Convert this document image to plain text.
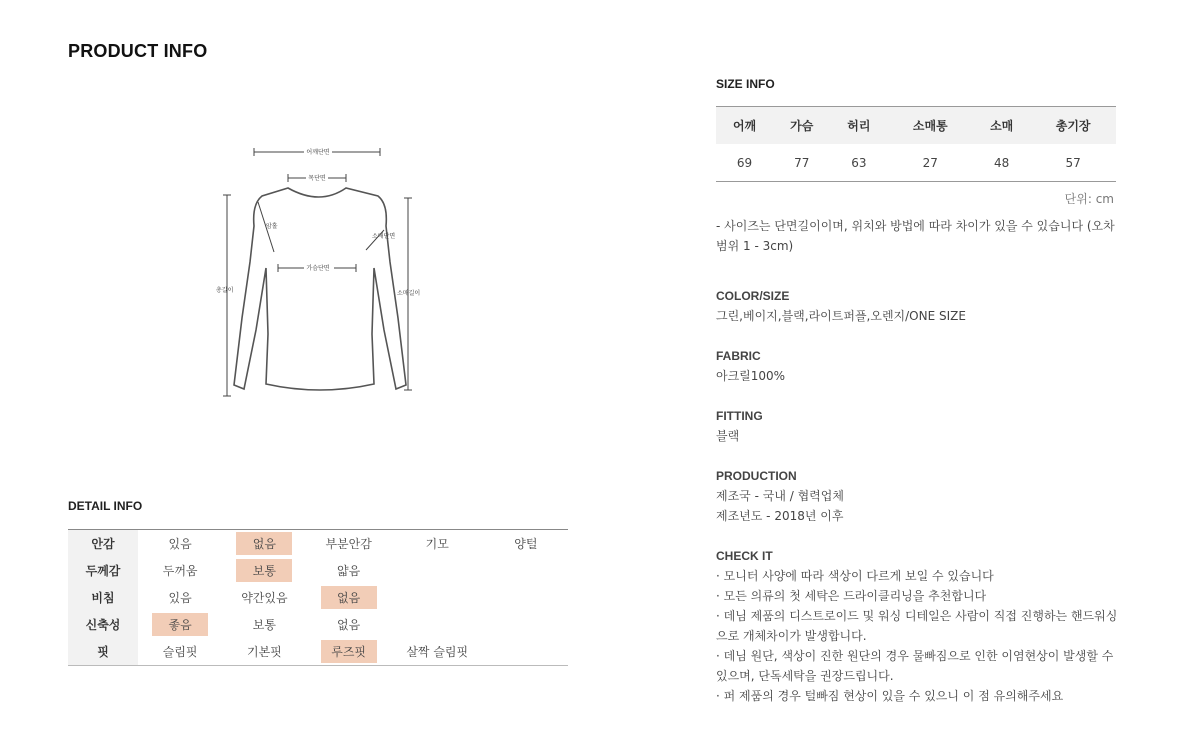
PRODUCT INFO
어깨단면
목단면
암홀
소매단면
가슴단면
총길이	소매길이
DETAIL INFO
안감	있음	없음	부분안감	기모	양털
두께감	두꺼움	보통	얇음		
비침	있음	약간있음	없음		
신축성	좋음	보통	없음		
핏	슬림핏	기본핏	루즈핏	살짝 슬림핏	
SIZE INFO
어깨	가슴	허리	소매통	소매	총기장
69	77	63	27	48	57
단위: cm
- 사이즈는 단면길이이며, 위치와 방법에 따라 차이가 있을 수 있습니다 (오차범위 1 - 3cm)
COLOR/SIZE
그린,베이지,블랙,라이트퍼플,오렌지/ONE SIZE
FABRIC
아크릴100%
FITTING
블랙
PRODUCTION
제조국 - 국내 / 협력업체
제조년도 - 2018년 이후
CHECK IT
· 모니터 사양에 따라 색상이 다르게 보일 수 있습니다
· 모든 의류의 첫 세탁은 드라이클리닝을 추천합니다
· 데님 제품의 디스트로이드 및 워싱 디테일은 사람이 직접 진행하는 핸드워싱으로 개체차이가 발생합니다.
· 데님 원단, 색상이 진한 원단의 경우 물빠짐으로 인한 이염현상이 발생할 수 있으며, 단독세탁을 권장드립니다.
· 퍼 제품의 경우 털빠짐 현상이 있을 수 있으니 이 점 유의해주세요
